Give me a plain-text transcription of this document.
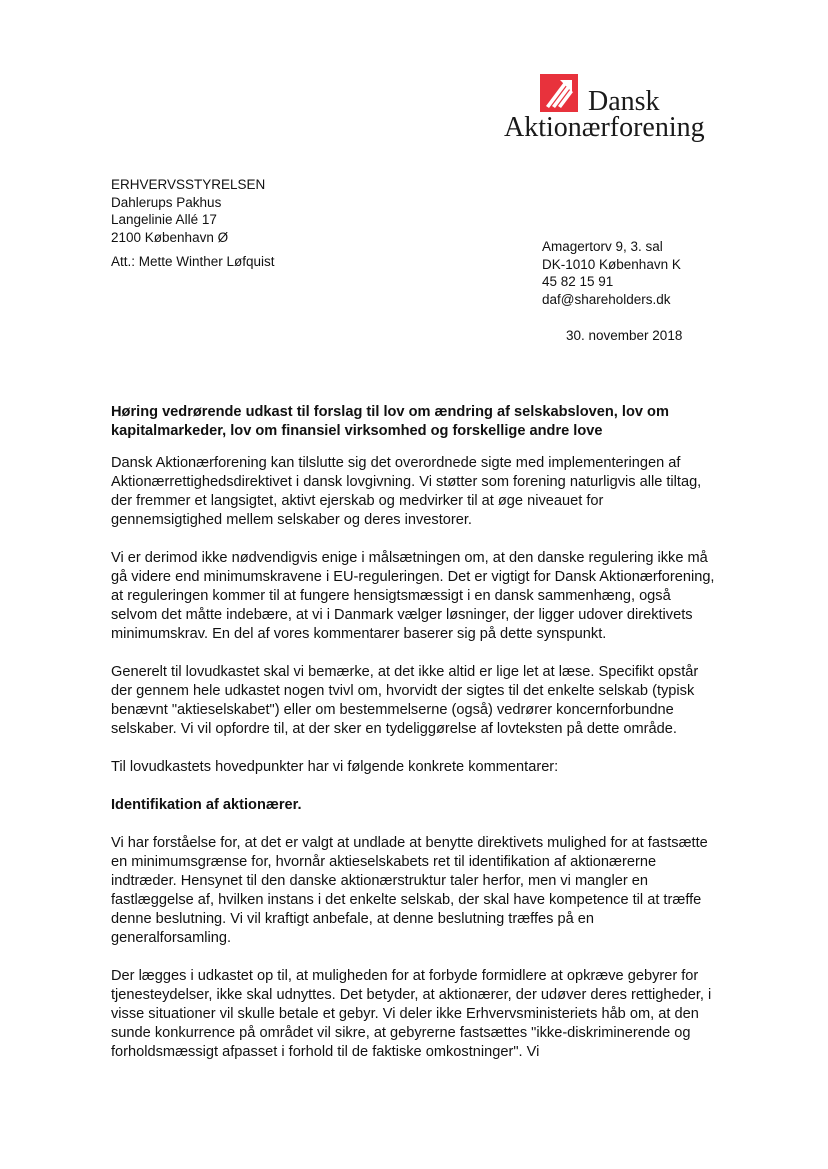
Dansk
Aktionærforening
ERHVERVSSTYRELSEN
Dahlerups Pakhus
Langelinie Allé 17
2100 København Ø
Att.: Mette Winther Løfquist
Amagertorv 9, 3. sal
DK-1010 København K
45 82 15 91
daf@shareholders.dk
30. november 2018
Høring vedrørende udkast til forslag til lov om ændring af selskabsloven, lov om kapitalmarkeder, lov om finansiel virksomhed og forskellige andre love

Dansk Aktionærforening kan tilslutte sig det overordnede sigte med implementeringen af Aktionærrettighedsdirektivet i dansk lovgivning. Vi støtter som forening naturligvis alle tiltag, der fremmer et langsigtet, aktivt ejerskab og medvirker til at øge niveauet for gennemsigtighed mellem selskaber og deres investorer.

Vi er derimod ikke nødvendigvis enige i målsætningen om, at den danske regulering ikke må gå videre end minimumskravene i EU-reguleringen. Det er vigtigt for Dansk Aktionærforening, at reguleringen kommer til at fungere hensigtsmæssigt i en dansk sammenhæng, også selvom det måtte indebære, at vi i Danmark vælger løsninger, der ligger udover direktivets minimumskrav. En del af vores kommentarer baserer sig på dette synspunkt.

Generelt til lovudkastet skal vi bemærke, at det ikke altid er lige let at læse. Specifikt opstår der gennem hele udkastet nogen tvivl om, hvorvidt der sigtes til det enkelte selskab (typisk benævnt "aktieselskabet") eller om bestemmelserne (også) vedrører koncernforbundne selskaber. Vi vil opfordre til, at der sker en tydeliggørelse af lovteksten på dette område.

Til lovudkastets hovedpunkter har vi følgende konkrete kommentarer:

Identifikation af aktionærer.

Vi har forståelse for, at det er valgt at undlade at benytte direktivets mulighed for at fastsætte en minimumsgrænse for, hvornår aktieselskabets ret til identifikation af aktionærerne indtræder. Hensynet til den danske aktionærstruktur taler herfor, men vi mangler en fastlæggelse af, hvilken instans i det enkelte selskab, der skal have kompetence til at træffe denne beslutning. Vi vil kraftigt anbefale, at denne beslutning træffes på en generalforsamling.

Der lægges i udkastet op til, at muligheden for at forbyde formidlere at opkræve gebyrer for tjenesteydelser, ikke skal udnyttes. Det betyder, at aktionærer, der udøver deres rettigheder, i visse situationer vil skulle betale et gebyr. Vi deler ikke Erhvervsministeriets håb om, at den sunde konkurrence på området vil sikre, at gebyrerne fastsættes "ikke-diskriminerende og forholdsmæssigt afpasset i forhold til de faktiske omkostninger". Vi
